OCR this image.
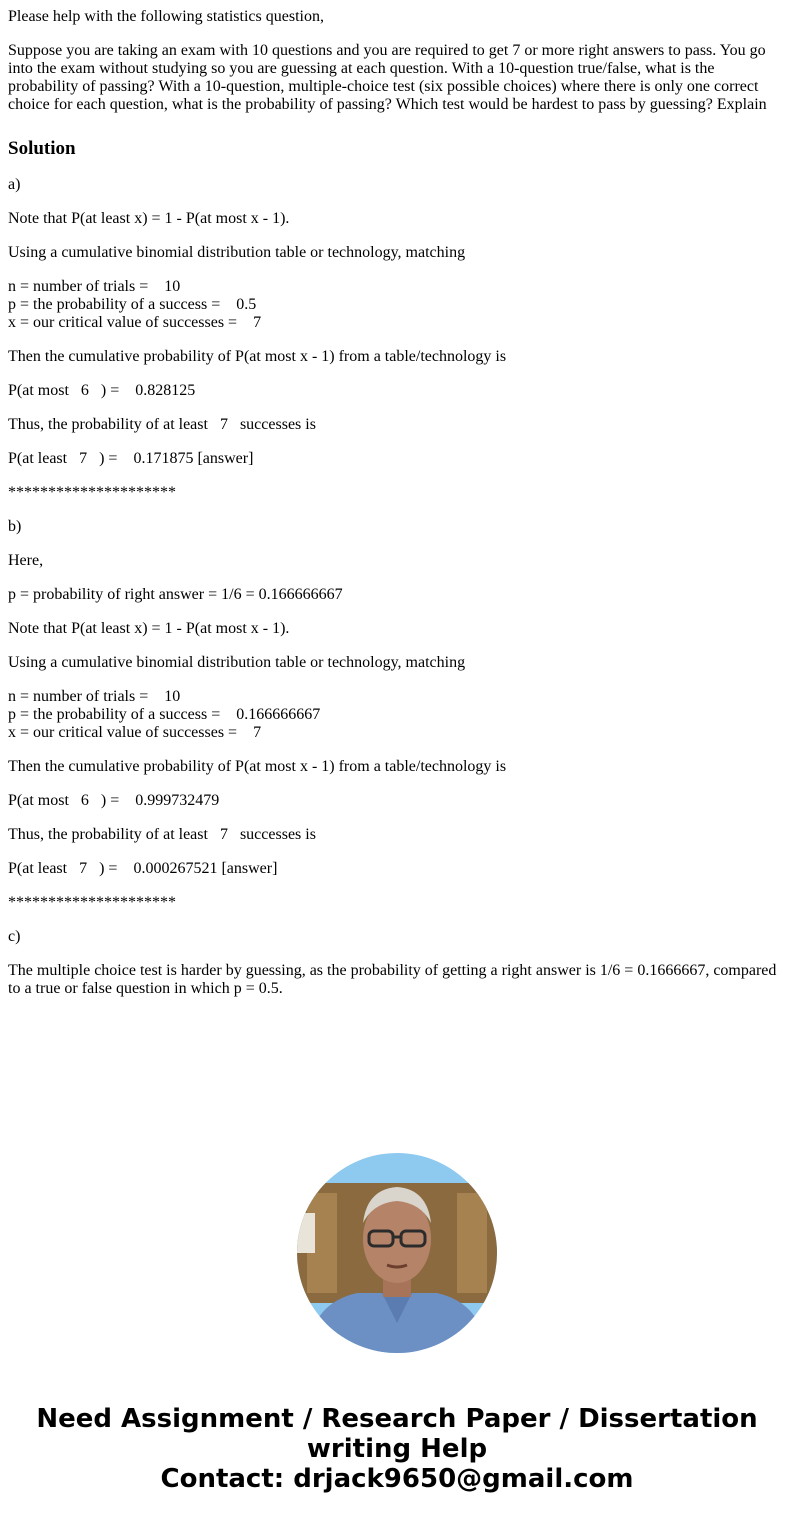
Please help with the following statistics question,

Suppose you are taking an exam with 10 questions and you are required to get 7 or more right answers to pass. You go into the exam without studying so you are guessing at each question. With a 10-question true/false, what is the probability of passing? With a 10-question, multiple-choice test (six possible choices) where there is only one correct choice for each question, what is the probability of passing? Which test would be hardest to pass by guessing? Explain

Solution

a)

Note that P(at least x) = 1 - P(at most x - 1).

Using a cumulative binomial distribution table or technology, matching

n = number of trials =    10
p = the probability of a success =    0.5
x = our critical value of successes =    7

Then the cumulative probability of P(at most x - 1) from a table/technology is

P(at most   6   ) =    0.828125

Thus, the probability of at least   7   successes is

P(at least   7   ) =    0.171875 [answer]

*********************

b)

Here,

p = probability of right answer = 1/6 = 0.166666667

Note that P(at least x) = 1 - P(at most x - 1).

Using a cumulative binomial distribution table or technology, matching

n = number of trials =    10
p = the probability of a success =    0.166666667
x = our critical value of successes =    7

Then the cumulative probability of P(at most x - 1) from a table/technology is

P(at most   6   ) =    0.999732479

Thus, the probability of at least   7   successes is

P(at least   7   ) =    0.000267521 [answer]

*********************

c)

The multiple choice test is harder by guessing, as the probability of getting a right answer is 1/6 = 0.1666667, compared to a true or false question in which p = 0.5.

Need Assignment / Research Paper / Dissertation
writing Help
Contact: drjack9650@gmail.com
